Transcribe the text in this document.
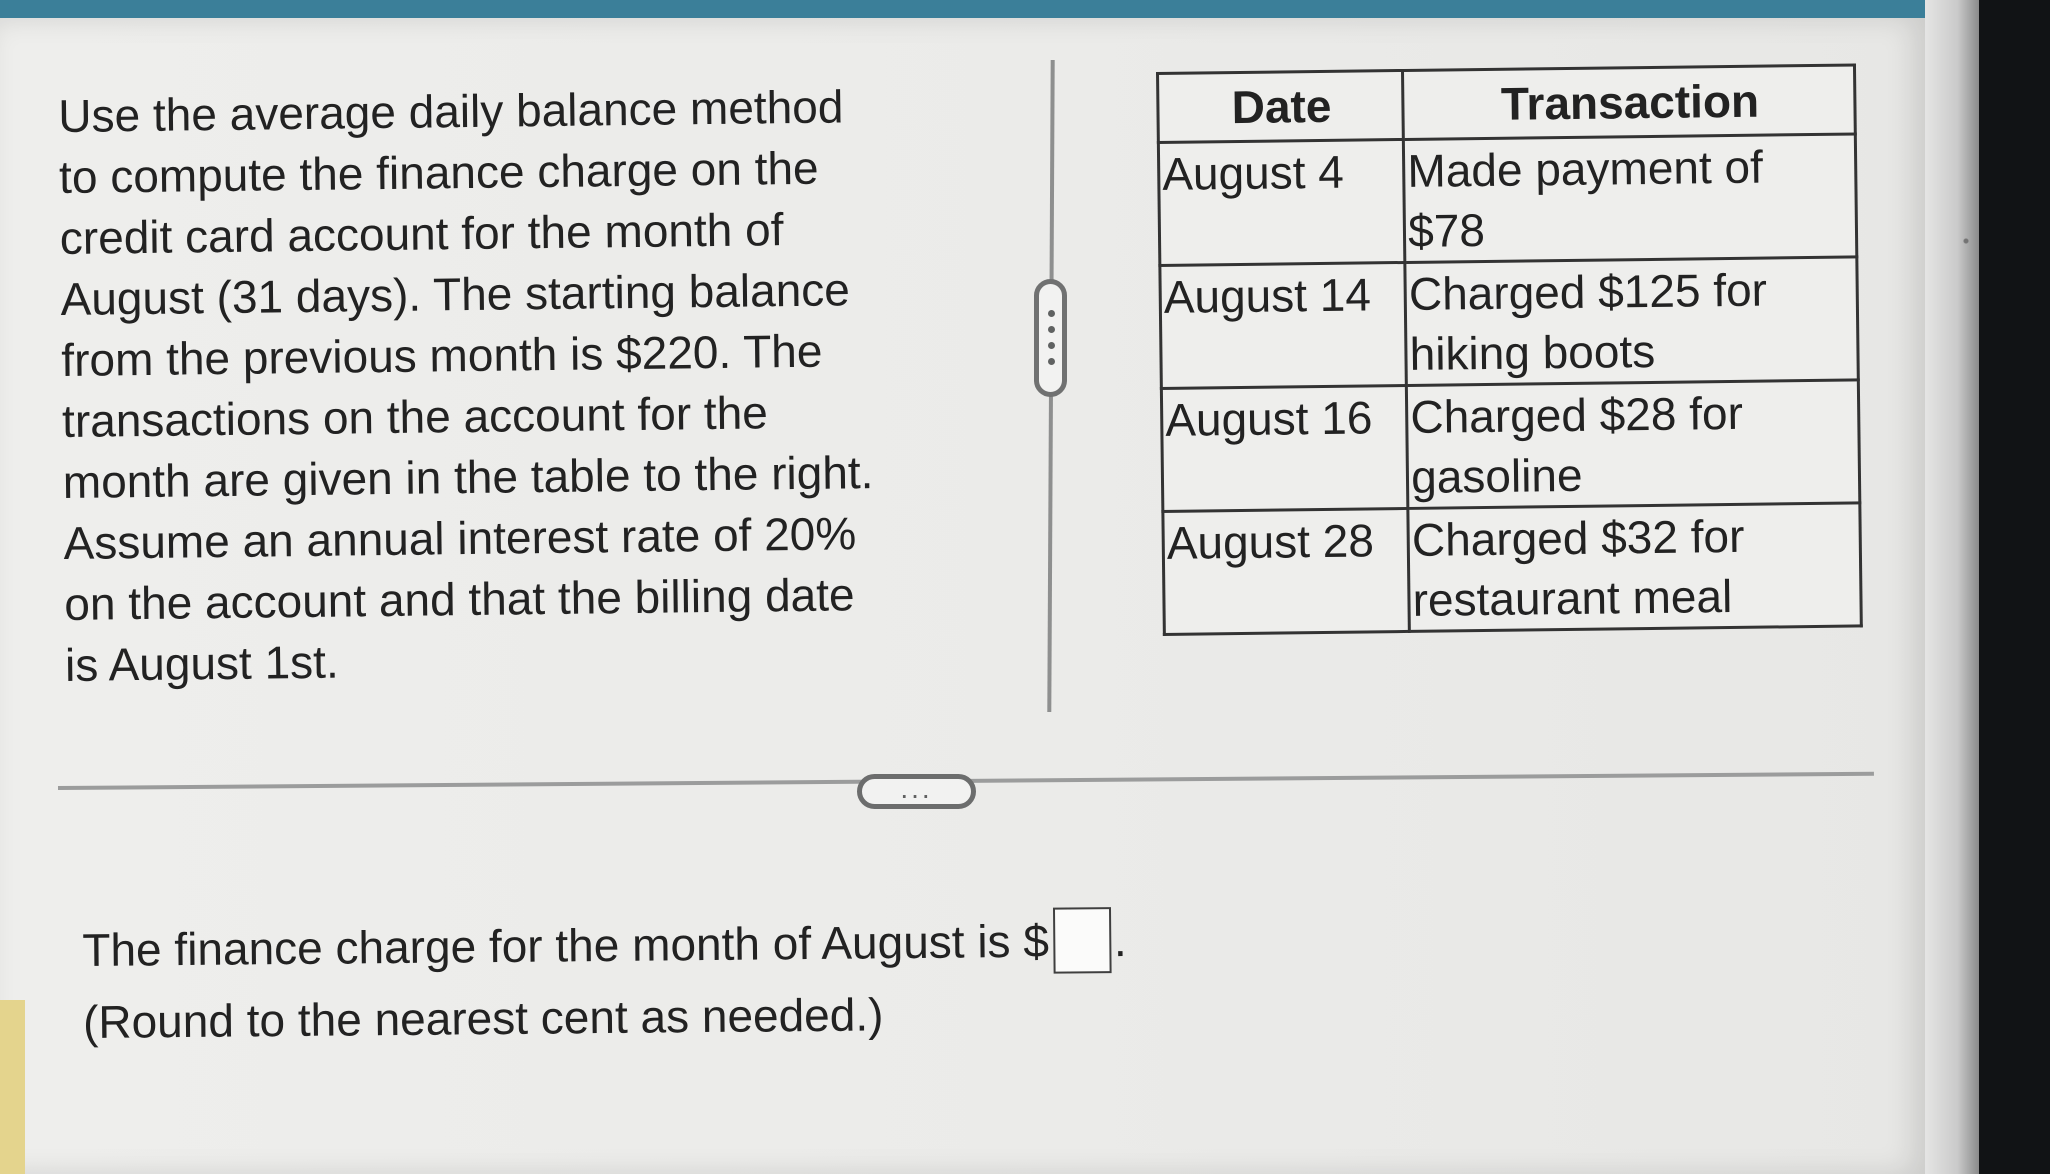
Use the average daily balance method
to compute the finance charge on the
credit card account for the month of
August (31 days). The starting balance
from the previous month is $220. The
transactions on the account for the
month are given in the table to the right.
Assume an annual interest rate of 20%
on the account and that the billing date
is August 1st.
Date	Transaction
August 4	Made payment of
$78

August 14	Charged $125 for
hiking boots

August 16	Charged $28 for
gasoline

August 28	Charged $32 for
restaurant meal
...
The finance charge for the month of August is $ .
(Round to the nearest cent as needed.)
